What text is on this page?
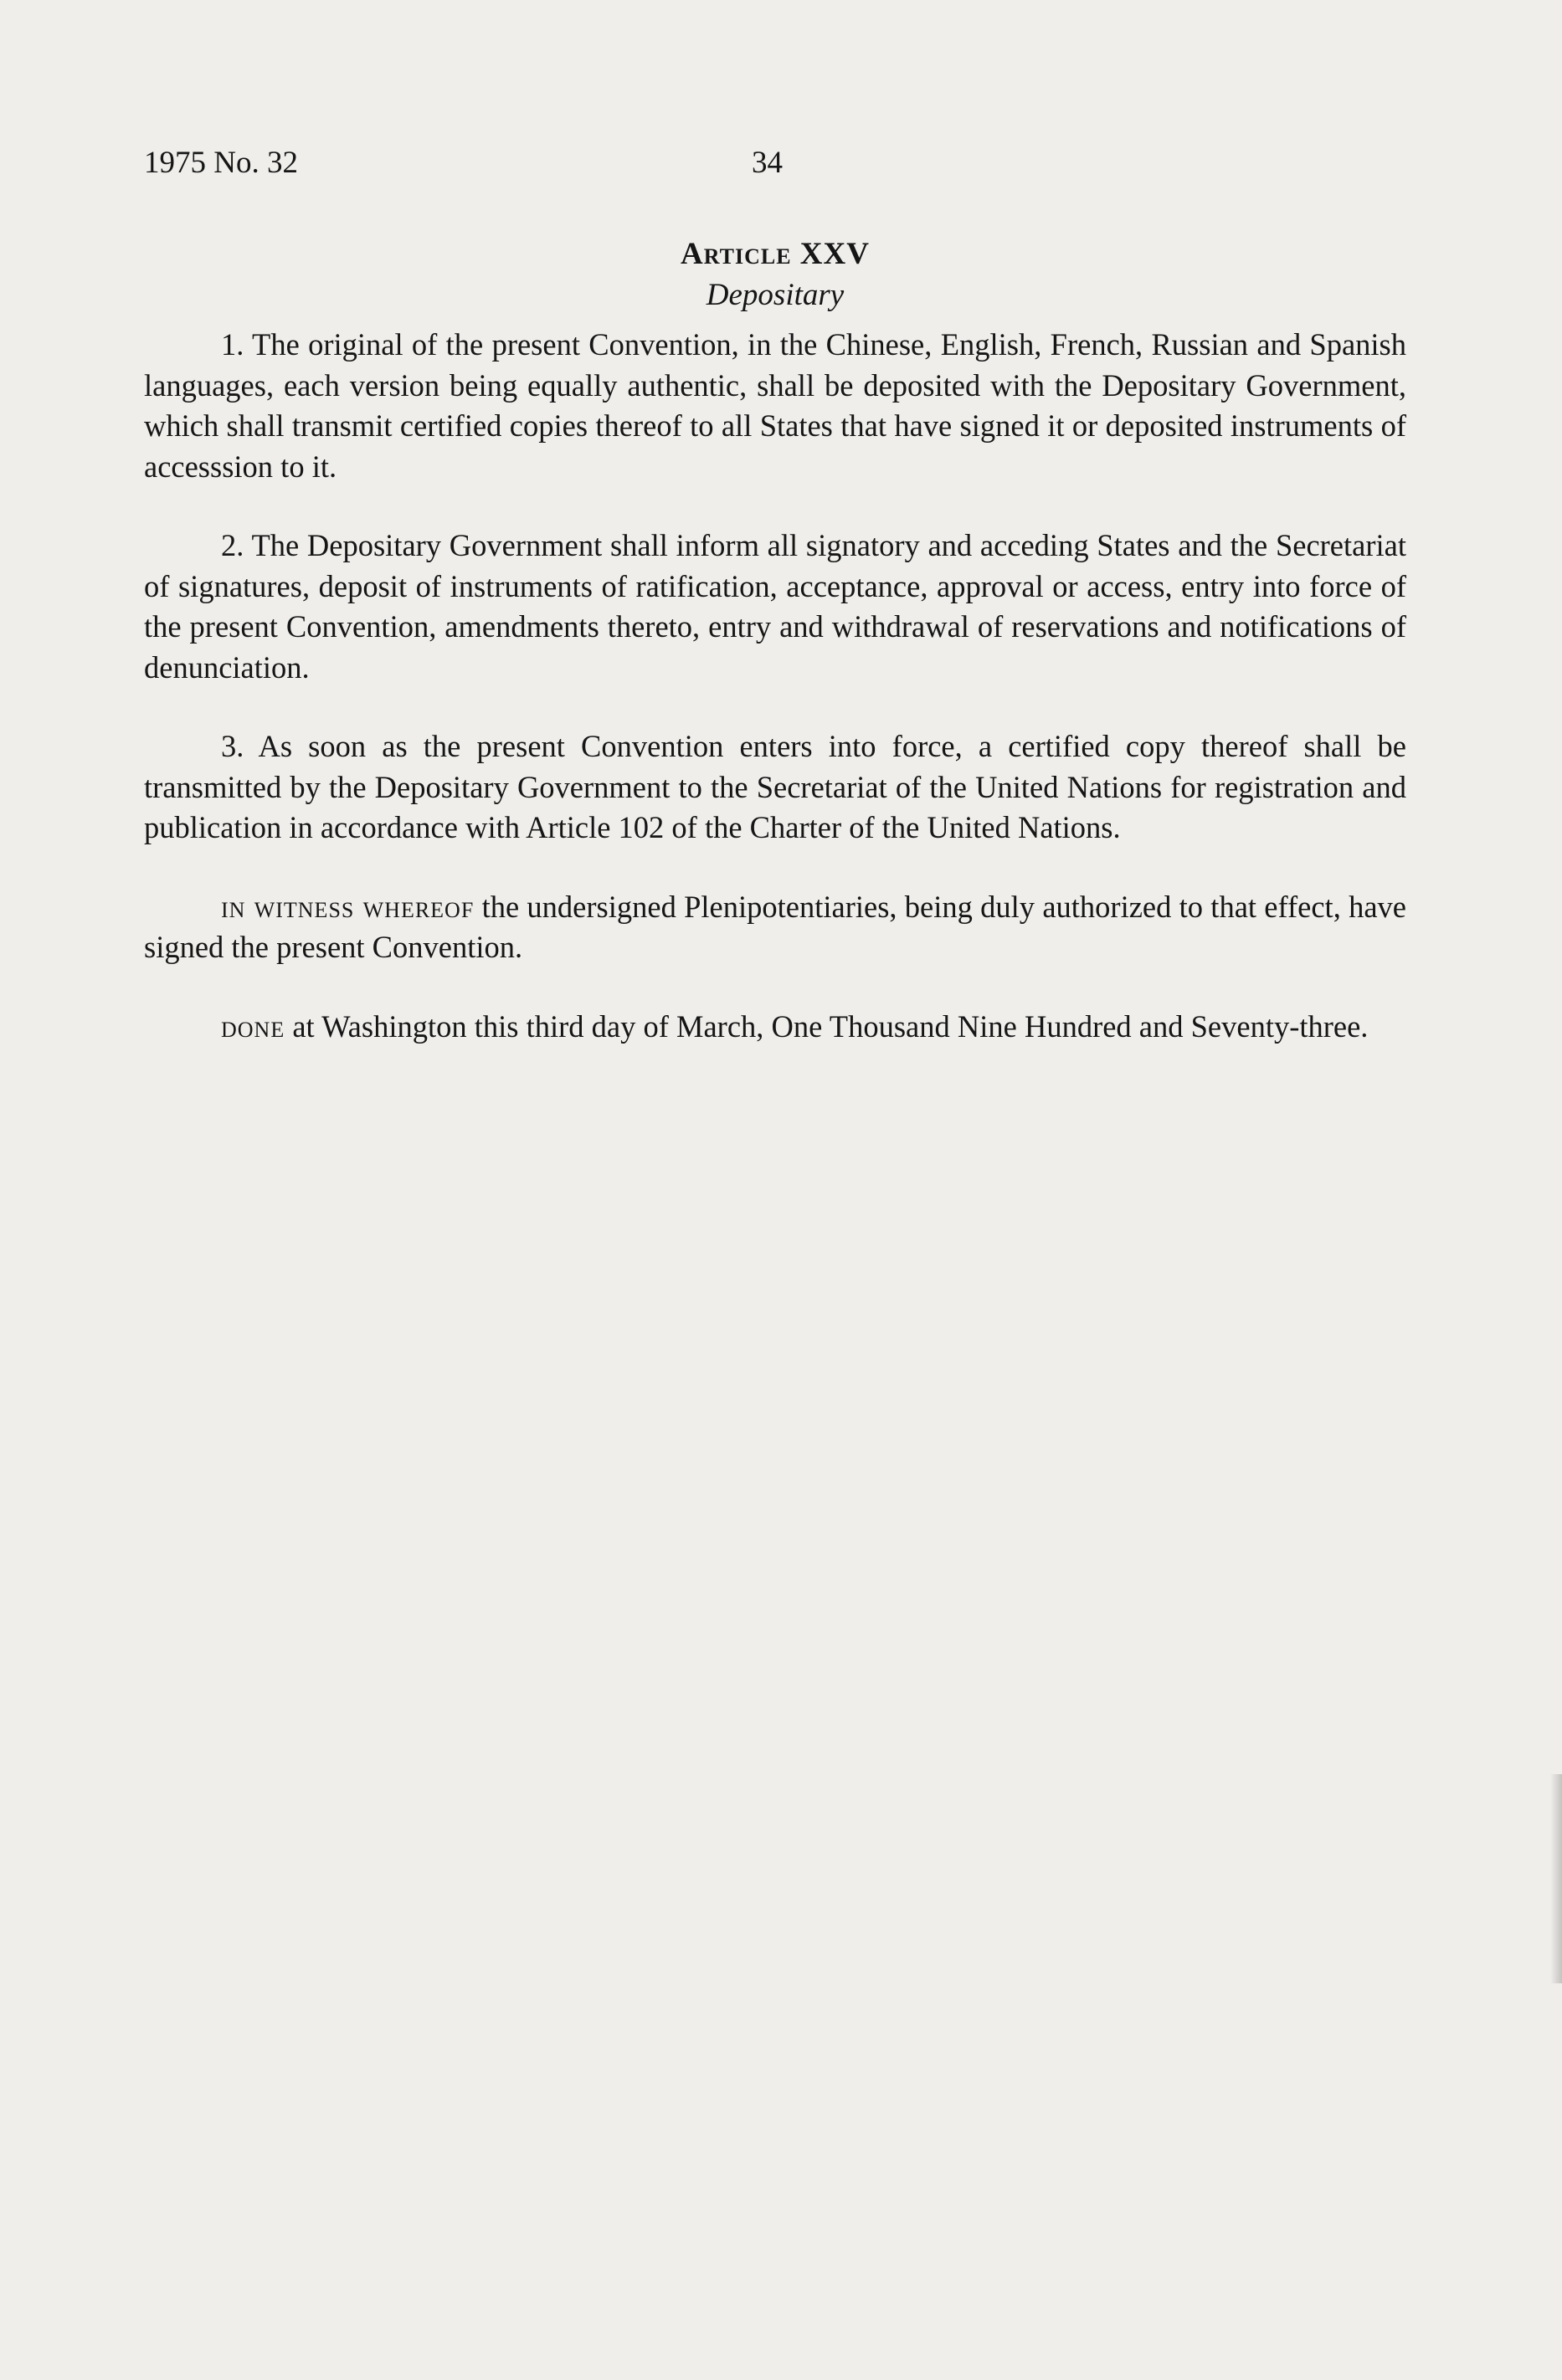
1975 No. 32	34
Article XXV
Depositary

1. The original of the present Convention, in the Chinese, English, French, Russian and Spanish languages, each version being equally authentic, shall be deposited with the Depositary Government, which shall transmit certified copies thereof to all States that have signed it or deposited instruments of accesssion to it.

2. The Depositary Government shall inform all signatory and acceding States and the Secretariat of signatures, deposit of instruments of ratification, acceptance, approval or access, entry into force of the present Convention, amendments thereto, entry and withdrawal of reservations and notifications of denunciation.

3. As soon as the present Convention enters into force, a certified copy thereof shall be transmitted by the Depositary Government to the Secretariat of the United Nations for registration and publication in accordance with Article 102 of the Charter of the United Nations.

in witness whereof the undersigned Plenipotentiaries, being duly authorized to that effect, have signed the present Convention.

done at Washington this third day of March, One Thousand Nine Hundred and Seventy-three.
